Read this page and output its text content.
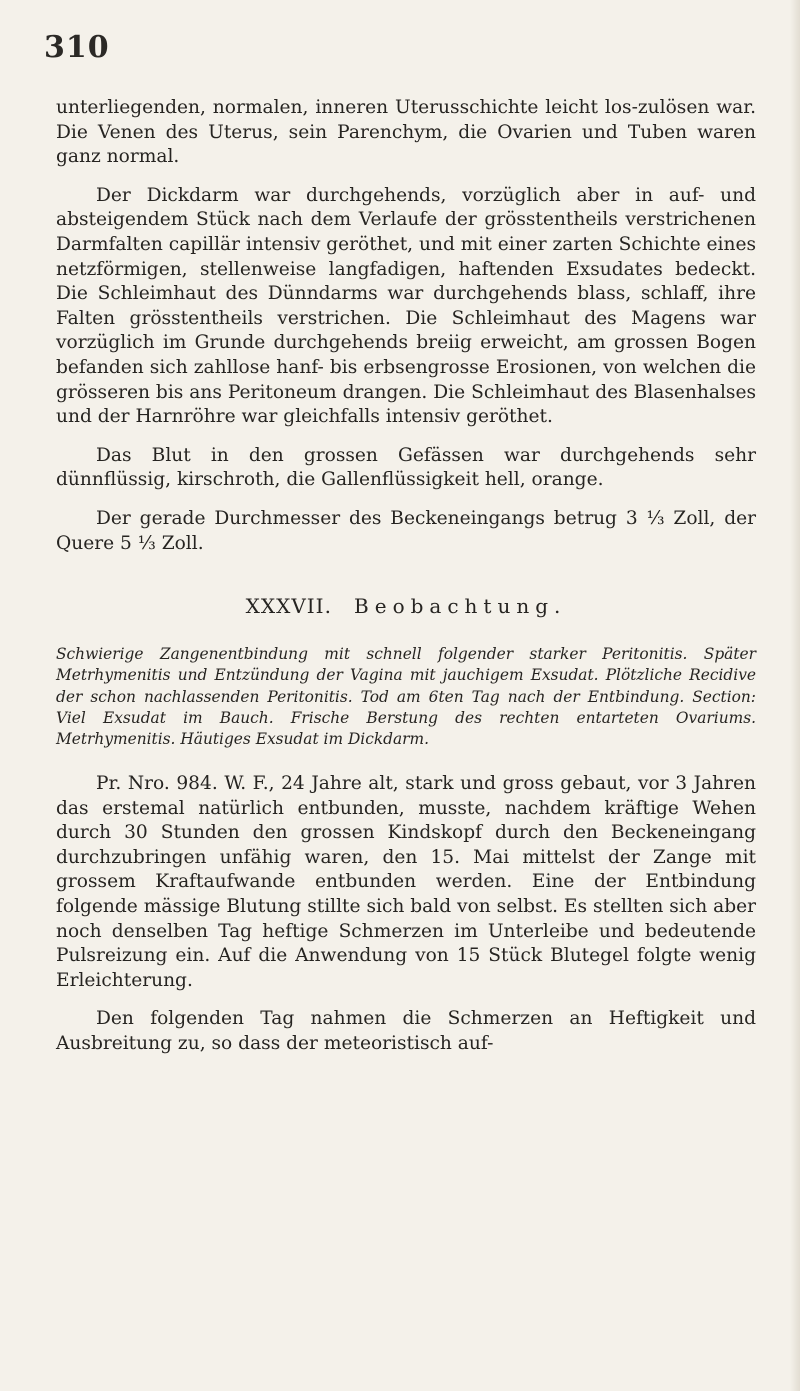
310

unterliegenden, normalen, inneren Uterusschichte leicht los-zulösen war. Die Venen des Uterus, sein Parenchym, die Ovarien und Tuben waren ganz normal.

Der Dickdarm war durchgehends, vorzüglich aber in auf- und absteigendem Stück nach dem Verlaufe der grösstentheils verstrichenen Darmfalten capillär intensiv geröthet, und mit einer zarten Schichte eines netzförmigen, stellenweise langfadigen, haftenden Exsudates bedeckt. Die Schleimhaut des Dünndarms war durchgehends blass, schlaff, ihre Falten grösstentheils verstrichen. Die Schleimhaut des Magens war vorzüglich im Grunde durchgehends breiig erweicht, am grossen Bogen befanden sich zahllose hanf- bis erbsengrosse Erosionen, von welchen die grösseren bis ans Peritoneum drangen. Die Schleimhaut des Blasenhalses und der Harnröhre war gleichfalls intensiv geröthet.

Das Blut in den grossen Gefässen war durchgehends sehr dünnflüssig, kirschroth, die Gallenflüssigkeit hell, orange.

Der gerade Durchmesser des Beckeneingangs betrug 3 ⅓ Zoll, der Quere 5 ⅓ Zoll.

XXXVII. Beobachtung.

Schwierige Zangenentbindung mit schnell folgender starker Peritonitis. Später Metrhymenitis und Entzündung der Vagina mit jauchigem Exsudat. Plötzliche Recidive der schon nachlassenden Peritonitis. Tod am 6ten Tag nach der Entbindung. Section: Viel Exsudat im Bauch. Frische Berstung des rechten entarteten Ovariums. Metrhymenitis. Häutiges Exsudat im Dickdarm.

Pr. Nro. 984. W. F., 24 Jahre alt, stark und gross gebaut, vor 3 Jahren das erstemal natürlich entbunden, musste, nachdem kräftige Wehen durch 30 Stunden den grossen Kindskopf durch den Beckeneingang durchzubringen unfähig waren, den 15. Mai mittelst der Zange mit grossem Kraftaufwande entbunden werden. Eine der Entbindung folgende mässige Blutung stillte sich bald von selbst. Es stellten sich aber noch denselben Tag heftige Schmerzen im Unterleibe und bedeutende Pulsreizung ein. Auf die Anwendung von 15 Stück Blutegel folgte wenig Erleichterung.

Den folgenden Tag nahmen die Schmerzen an Heftigkeit und Ausbreitung zu, so dass der meteoristisch auf-
